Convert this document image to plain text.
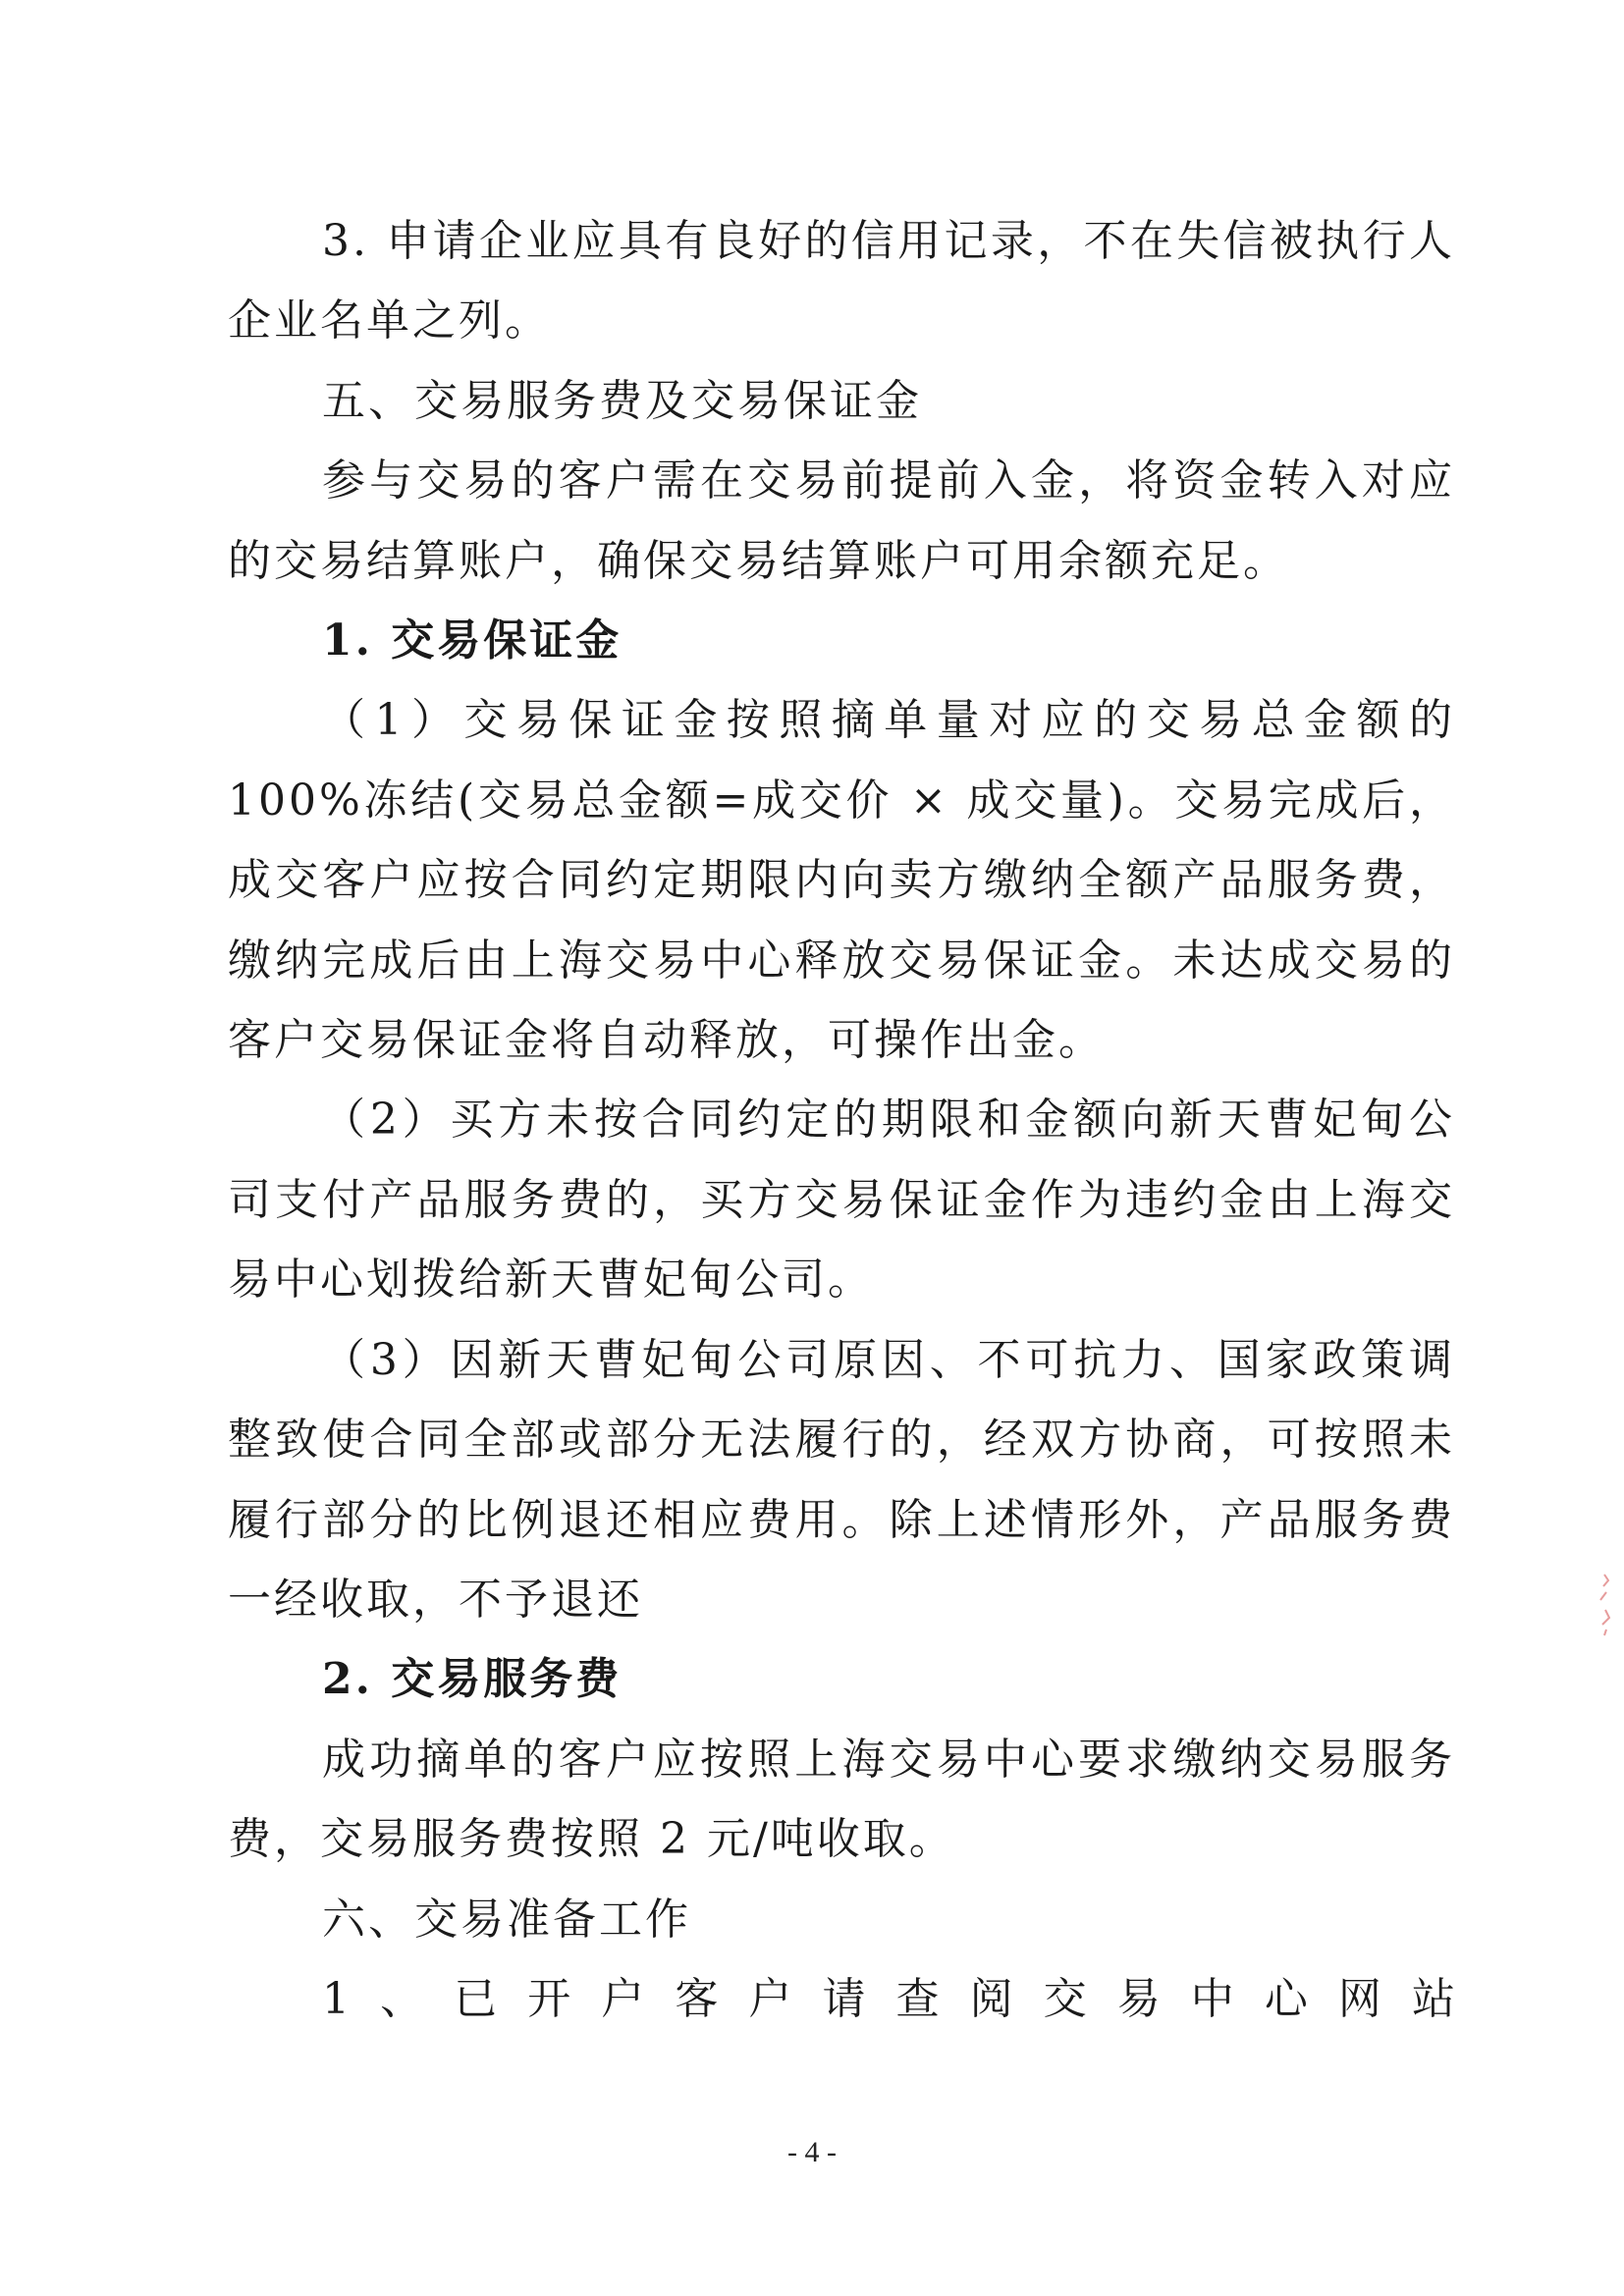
3. 申请企业应具有良好的信用记录，不在失信被执行人企业名单之列。

五、交易服务费及交易保证金

参与交易的客户需在交易前提前入金，将资金转入对应的交易结算账户，确保交易结算账户可用余额充足。

1. 交易保证金

（1）交易保证金按照摘单量对应的交易总金额的 100%冻结(交易总金额=成交价 × 成交量)。交易完成后，成交客户应按合同约定期限内向卖方缴纳全额产品服务费，缴纳完成后由上海交易中心释放交易保证金。未达成交易的客户交易保证金将自动释放，可操作出金。

（2）买方未按合同约定的期限和金额向新天曹妃甸公司支付产品服务费的，买方交易保证金作为违约金由上海交易中心划拨给新天曹妃甸公司。

（3）因新天曹妃甸公司原因、不可抗力、国家政策调整致使合同全部或部分无法履行的，经双方协商，可按照未履行部分的比例退还相应费用。除上述情形外，产品服务费一经收取，不予退还

2. 交易服务费

成功摘单的客户应按照上海交易中心要求缴纳交易服务费，交易服务费按照 2 元/吨收取。

六、交易准备工作

1 、 已 开 户 客 户 请 查 阅 交 易 中 心 网 站
- 4 -
